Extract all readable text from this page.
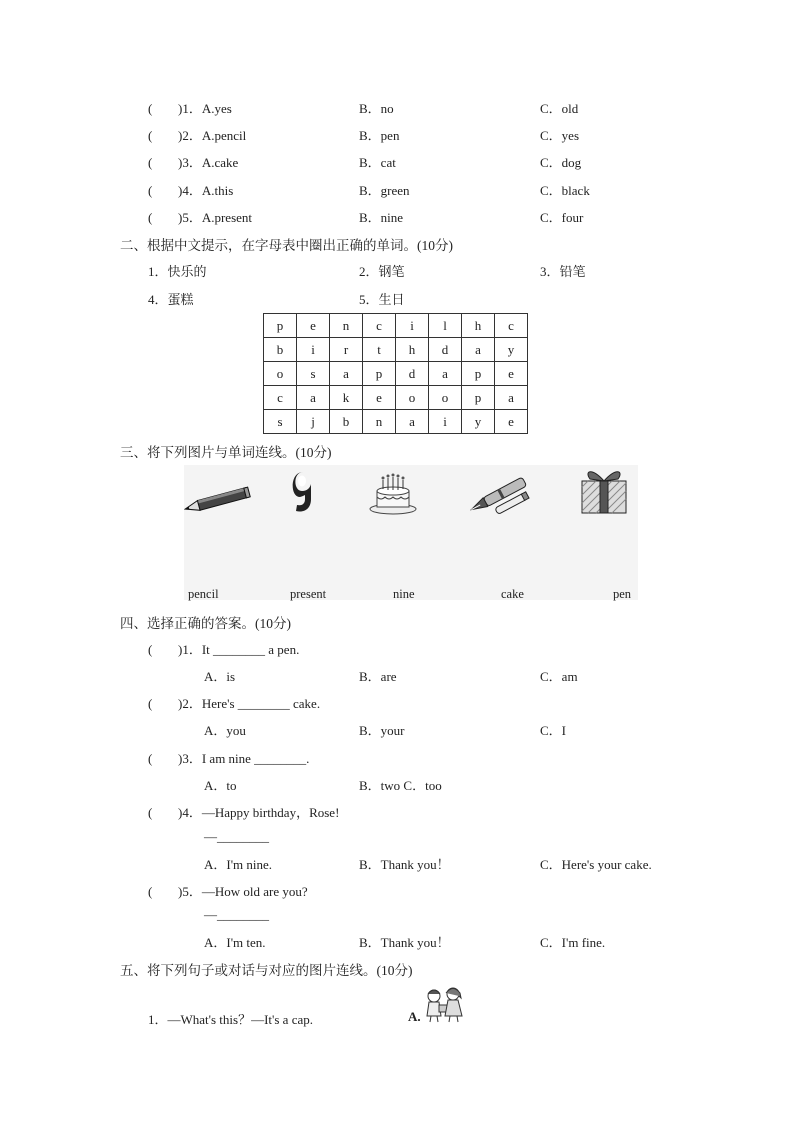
( )1．A.yes	B．no	C．old
( )2．A.pencil	B．pen	C．yes
( )3．A.cake	B．cat	C．dog
( )4．A.this	B．green	C．black
( )5．A.present	B．nine	C．four
二、根据中文提示，在字母表中圈出正确的单词。(10分)
1．快乐的	2．钢笔	3．铅笔
4．蛋糕	5．生日
p	e	n	c	i	l	h	c
b	i	r	t	h	d	a	y
o	s	a	p	d	a	p	e
c	a	k	e	o	o	p	a
s	j	b	n	a	i	y	e
三、将下列图片与单词连线。(10分)
pencil	present	nine	cake	pen
四、选择正确的答案。(10分)
( )1．It ________ a pen.
A．is	B．are	C．am
( )2．Here's ________ cake.
A．you	B．your	C．I
( )3．I am nine ________.
A．to	B．two C．too
( )4．—Happy birthday，Rose!
—________
A．I'm nine.	B．Thank you！	C．Here's your cake.
( )5．—How old are you?
—________
A．I'm ten.	B．Thank you！	C．I'm fine.
五、将下列句子或对话与对应的图片连线。(10分)
1．—What's this？—It's a cap.	A.
